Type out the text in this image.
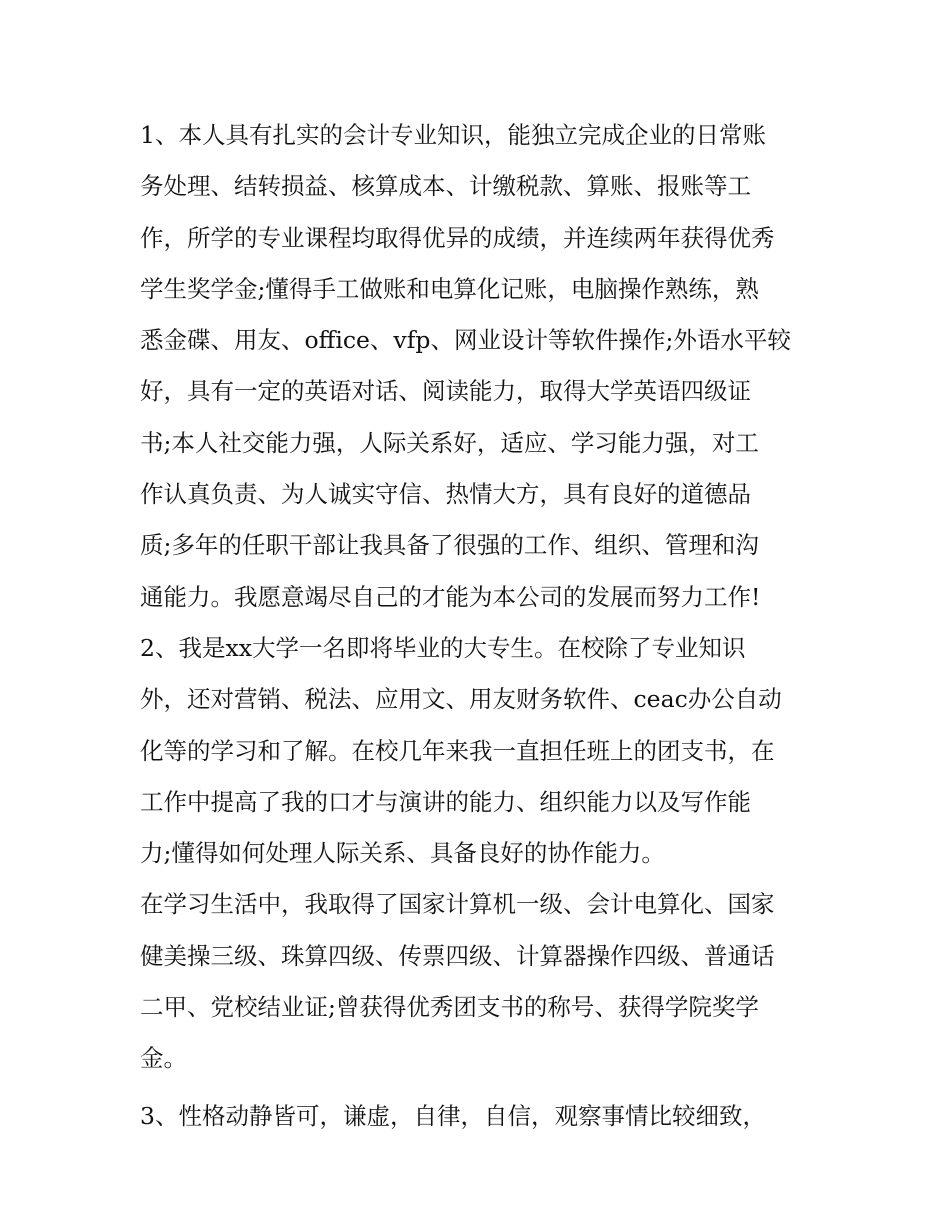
1、本人具有扎实的会计专业知识，能独立完成企业的日常账
务处理、结转损益、核算成本、计缴税款、算账、报账等工
作，所学的专业课程均取得优异的成绩，并连续两年获得优秀
学生奖学金;懂得手工做账和电算化记账，电脑操作熟练，熟
悉金碟、用友、office、vfp、网业设计等软件操作;外语水平较
好，具有一定的英语对话、阅读能力，取得大学英语四级证
书;本人社交能力强，人际关系好，适应、学习能力强，对工
作认真负责、为人诚实守信、热情大方，具有良好的道德品
质;多年的任职干部让我具备了很强的工作、组织、管理和沟
通能力。我愿意竭尽自己的才能为本公司的发展而努力工作!
2、我是xx大学一名即将毕业的大专生。在校除了专业知识
外，还对营销、税法、应用文、用友财务软件、ceac办公自动
化等的学习和了解。在校几年来我一直担任班上的团支书，在
工作中提高了我的口才与演讲的能力、组织能力以及写作能
力;懂得如何处理人际关系、具备良好的协作能力。
在学习生活中，我取得了国家计算机一级、会计电算化、国家
健美操三级、珠算四级、传票四级、计算器操作四级、普通话
二甲、党校结业证;曾获得优秀团支书的称号、获得学院奖学
金。
3、性格动静皆可，谦虚，自律，自信，观察事情比较细致，
